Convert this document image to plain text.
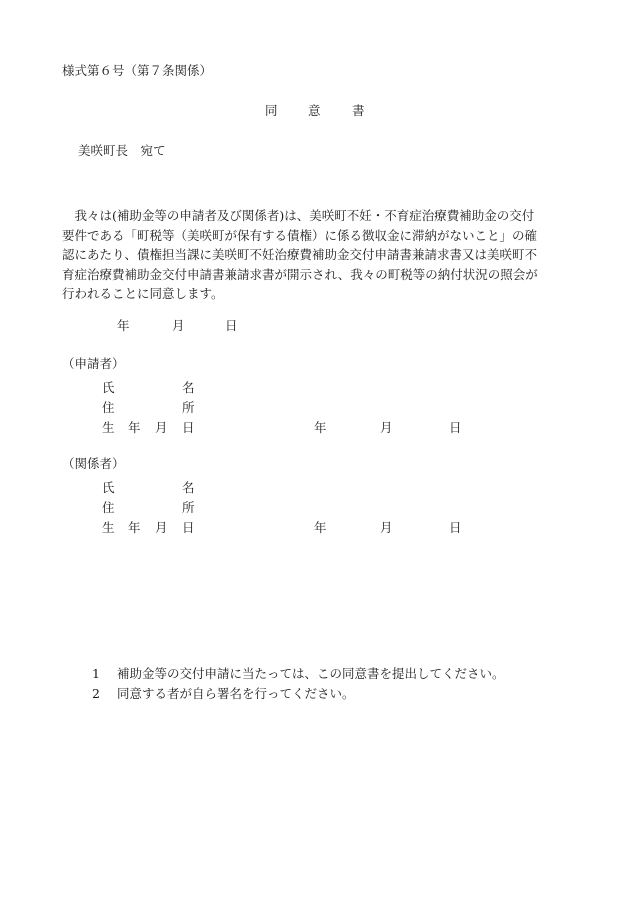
様式第６号（第７条関係）
同 意	書
美咲町長　宛て
　我々は(補助金等の申請者及び関係者)は、美咲町不妊・不育症治療費補助金の交付
要件である「町税等（美咲町が保有する債権）に係る徴収金に滞納がないこと」の確
認にあたり、債権担当課に美咲町不妊治療費補助金交付申請書兼請求書又は美咲町不
育症治療費補助金交付申請書兼請求書が開示され、我々の町税等の納付状況の照会が
行われることに同意します。
年	月	日
（申請者）
氏	名
住	所
生 年 月 日	年	月	日
（関係者）
氏	名
住	所
生 年 月 日	年	月	日
1 補助金等の交付申請に当たっては、この同意書を提出してください。
2 同意する者が自ら署名を行ってください。
